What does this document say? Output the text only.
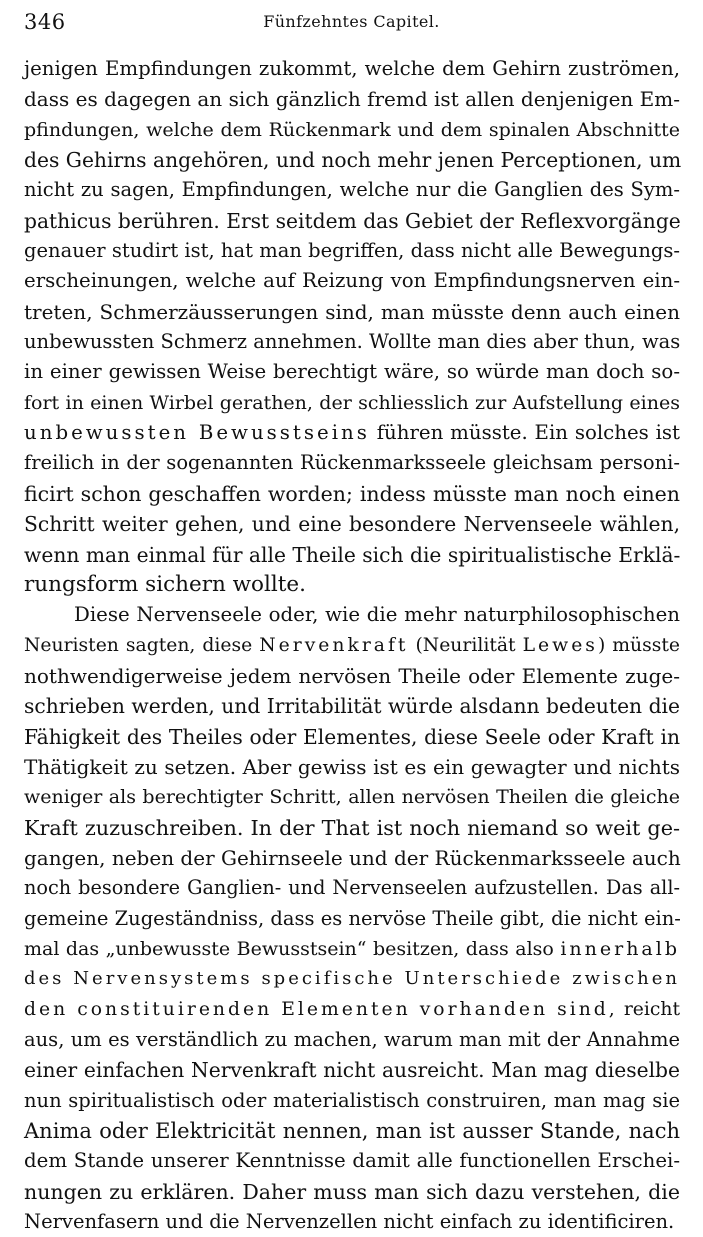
346	Fünfzehntes Capitel.
jenigen Empfindungen zukommt, welche dem Gehirn zuströmen,
dass es dagegen an sich gänzlich fremd ist allen denjenigen Em-
pfindungen, welche dem Rückenmark und dem spinalen Abschnitte
des Gehirns angehören, und noch mehr jenen Perceptionen, um
nicht zu sagen, Empfindungen, welche nur die Ganglien des Sym-
pathicus berühren. Erst seitdem das Gebiet der Reflexvorgänge
genauer studirt ist, hat man begriffen, dass nicht alle Bewegungs-
erscheinungen, welche auf Reizung von Empfindungsnerven ein-
treten, Schmerzäusserungen sind, man müsste denn auch einen
unbewussten Schmerz annehmen. Wollte man dies aber thun, was
in einer gewissen Weise berechtigt wäre, so würde man doch so-
fort in einen Wirbel gerathen, der schliesslich zur Aufstellung eines
unbewussten Bewusstseins führen müsste. Ein solches ist
freilich in der sogenannten Rückenmarksseele gleichsam personi-
ficirt schon geschaffen worden; indess müsste man noch einen
Schritt weiter gehen, und eine besondere Nervenseele wählen,
wenn man einmal für alle Theile sich die spiritualistische Erklä-
rungsform sichern wollte.
Diese Nervenseele oder, wie die mehr naturphilosophischen
Neuristen sagten, diese Nervenkraft (Neurilität Lewes) müsste
nothwendigerweise jedem nervösen Theile oder Elemente zuge-
schrieben werden, und Irritabilität würde alsdann bedeuten die
Fähigkeit des Theiles oder Elementes, diese Seele oder Kraft in
Thätigkeit zu setzen. Aber gewiss ist es ein gewagter und nichts
weniger als berechtigter Schritt, allen nervösen Theilen die gleiche
Kraft zuzuschreiben. In der That ist noch niemand so weit ge-
gangen, neben der Gehirnseele und der Rückenmarksseele auch
noch besondere Ganglien- und Nervenseelen aufzustellen. Das all-
gemeine Zugeständniss, dass es nervöse Theile gibt, die nicht ein-
mal das „unbewusste Bewusstsein“ besitzen, dass also innerhalb
des Nervensystems specifische Unterschiede zwischen
den constituirenden Elementen vorhanden sind, reicht
aus, um es verständlich zu machen, warum man mit der Annahme
einer einfachen Nervenkraft nicht ausreicht. Man mag dieselbe
nun spiritualistisch oder materialistisch construiren, man mag sie
Anima oder Elektricität nennen, man ist ausser Stande, nach
dem Stande unserer Kenntnisse damit alle functionellen Erschei-
nungen zu erklären. Daher muss man sich dazu verstehen, die
Nervenfasern und die Nervenzellen nicht einfach zu identificiren.
